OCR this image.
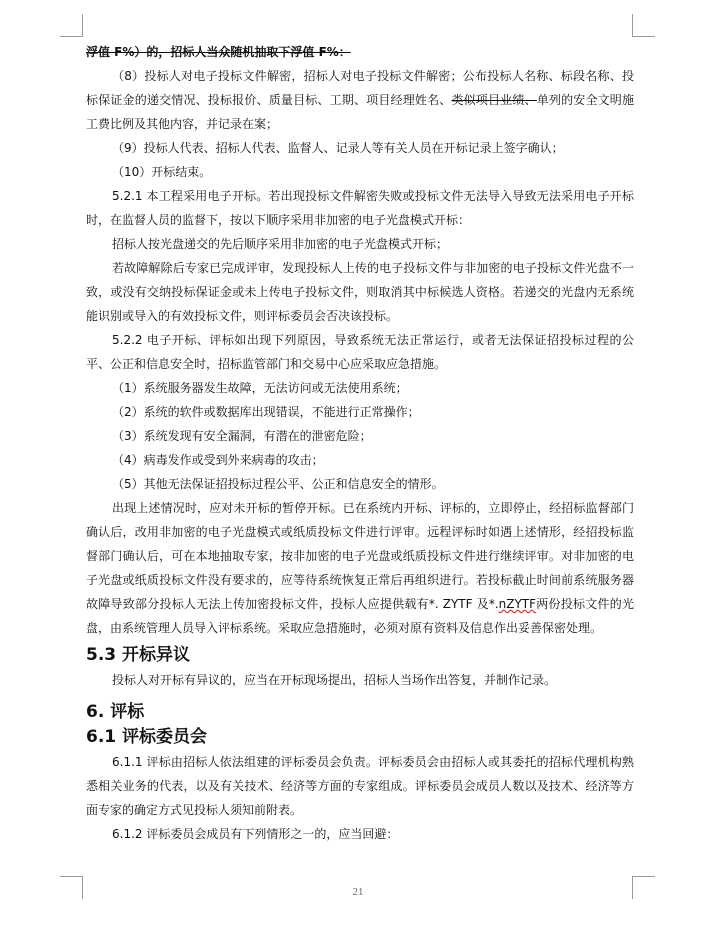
浮值 F%）的，招标人当众随机抽取下浮值 F%：

（8）投标人对电子投标文件解密，招标人对电子投标文件解密；公布投标人名称、标段名称、投标保证金的递交情况、投标报价、质量目标、工期、项目经理姓名、类似项目业绩、单列的安全文明施工费比例及其他内容，并记录在案；

（9）投标人代表、招标人代表、监督人、记录人等有关人员在开标记录上签字确认；

（10）开标结束。

5.2.1 本工程采用电子开标。若出现投标文件解密失败或投标文件无法导入导致无法采用电子开标时，在监督人员的监督下，按以下顺序采用非加密的电子光盘模式开标：

招标人按光盘递交的先后顺序采用非加密的电子光盘模式开标；

若故障解除后专家已完成评审，发现投标人上传的电子投标文件与非加密的电子投标文件光盘不一致，或没有交纳投标保证金或未上传电子投标文件，则取消其中标候选人资格。若递交的光盘内无系统能识别或导入的有效投标文件，则评标委员会否决该投标。

5.2.2 电子开标、评标如出现下列原因，导致系统无法正常运行，或者无法保证招投标过程的公平、公正和信息安全时，招标监管部门和交易中心应采取应急措施。

（1）系统服务器发生故障，无法访问或无法使用系统；

（2）系统的软件或数据库出现错误，不能进行正常操作；

（3）系统发现有安全漏洞，有潜在的泄密危险；

（4）病毒发作或受到外来病毒的攻击；

（5）其他无法保证招投标过程公平、公正和信息安全的情形。

出现上述情况时，应对未开标的暂停开标。已在系统内开标、评标的，立即停止，经招标监督部门确认后，改用非加密的电子光盘模式或纸质投标文件进行评审。远程评标时如遇上述情形，经招投标监督部门确认后，可在本地抽取专家，按非加密的电子光盘或纸质投标文件进行继续评审。对非加密的电子光盘或纸质投标文件没有要求的，应等待系统恢复正常后再组织进行。若投标截止时间前系统服务器故障导致部分投标人无法上传加密投标文件，投标人应提供载有*. ZYTF 及*.nZYTF两份投标文件的光盘，由系统管理人员导入评标系统。采取应急措施时，必须对原有资料及信息作出妥善保密处理。

5.3 开标异议

投标人对开标有异议的，应当在开标现场提出，招标人当场作出答复，并制作记录。

6. 评标
6.1 评标委员会

6.1.1 评标由招标人依法组建的评标委员会负责。评标委员会由招标人或其委托的招标代理机构熟悉相关业务的代表，以及有关技术、经济等方面的专家组成。评标委员会成员人数以及技术、经济等方面专家的确定方式见投标人须知前附表。

6.1.2 评标委员会成员有下列情形之一的，应当回避：

21
